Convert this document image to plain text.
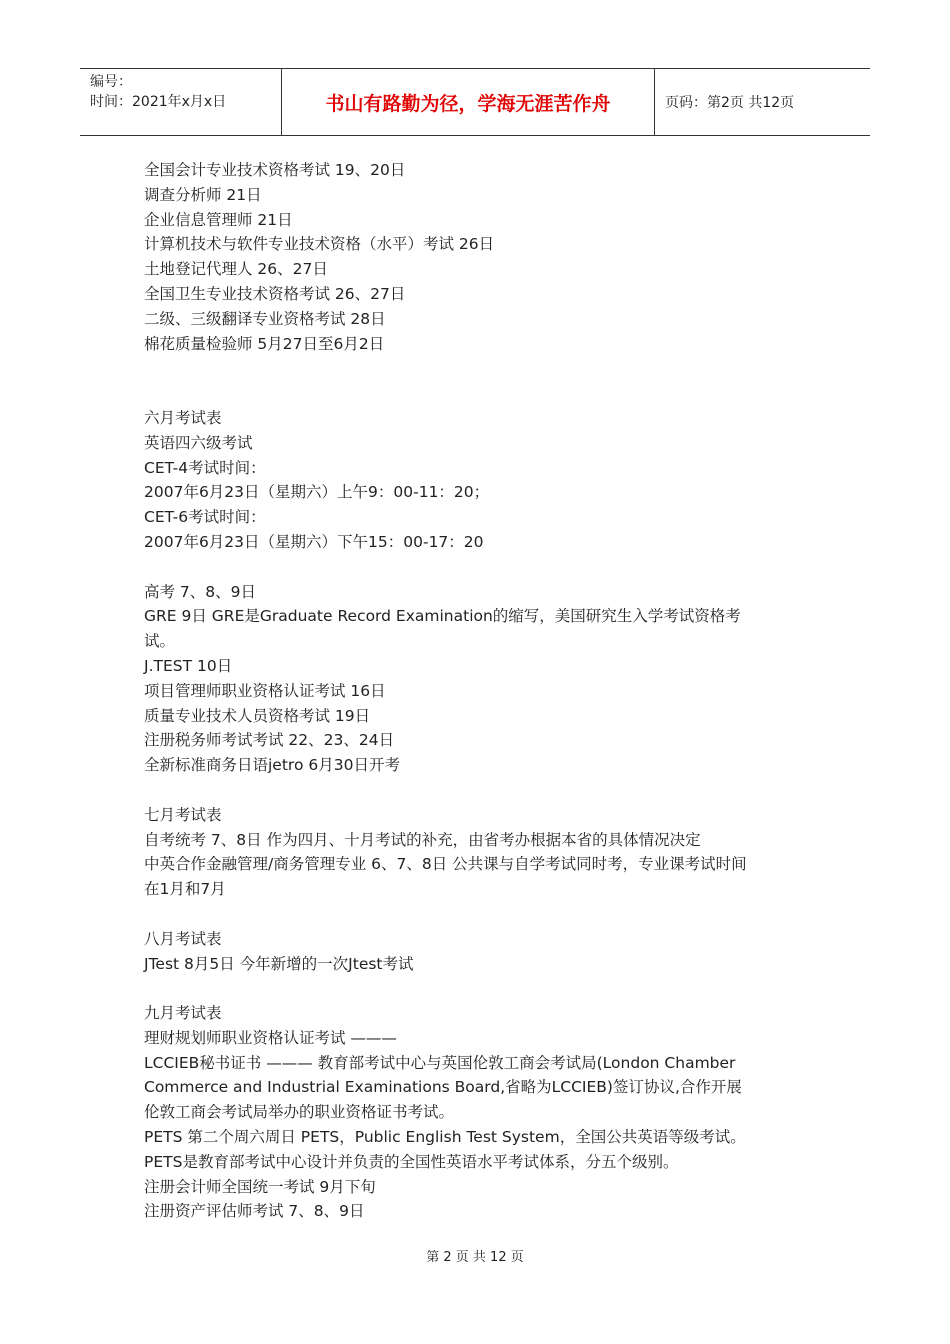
编号：
时间：2021年x月x日	书山有路勤为径，学海无涯苦作舟	页码：第2页 共12页
全国会计专业技术资格考试 19、20日
调查分析师 21日
企业信息管理师 21日
计算机技术与软件专业技术资格（水平）考试 26日
土地登记代理人 26、27日
全国卫生专业技术资格考试 26、27日
二级、三级翻译专业资格考试 28日
棉花质量检验师 5月27日至6月2日
六月考试表
英语四六级考试
CET-4考试时间：
2007年6月23日（星期六）上午9：00-11：20；
CET-6考试时间：
2007年6月23日（星期六）下午15：00-17：20
高考 7、8、9日
GRE 9日 GRE是Graduate Record Examination的缩写，美国研究生入学考试资格考
试。
J.TEST 10日
项目管理师职业资格认证考试 16日
质量专业技术人员资格考试 19日
注册税务师考试考试 22、23、24日
全新标准商务日语jetro 6月30日开考
七月考试表
自考统考 7、8日 作为四月、十月考试的补充，由省考办根据本省的具体情况决定
中英合作金融管理/商务管理专业 6、7、8日 公共课与自学考试同时考，专业课考试时间
在1月和7月
八月考试表
JTest 8月5日 今年新增的一次Jtest考试
九月考试表
理财规划师职业资格认证考试 ———
LCCIEB秘书证书 ——— 教育部考试中心与英国伦敦工商会考试局(London Chamber
Commerce and Industrial Examinations Board,省略为LCCIEB)签订协议,合作开展
伦敦工商会考试局举办的职业资格证书考试。
PETS 第二个周六周日 PETS，Public English Test System，全国公共英语等级考试。
PETS是教育部考试中心设计并负责的全国性英语水平考试体系，分五个级别。
注册会计师全国统一考试 9月下旬
注册资产评估师考试 7、8、9日
第 2 页 共 12 页
